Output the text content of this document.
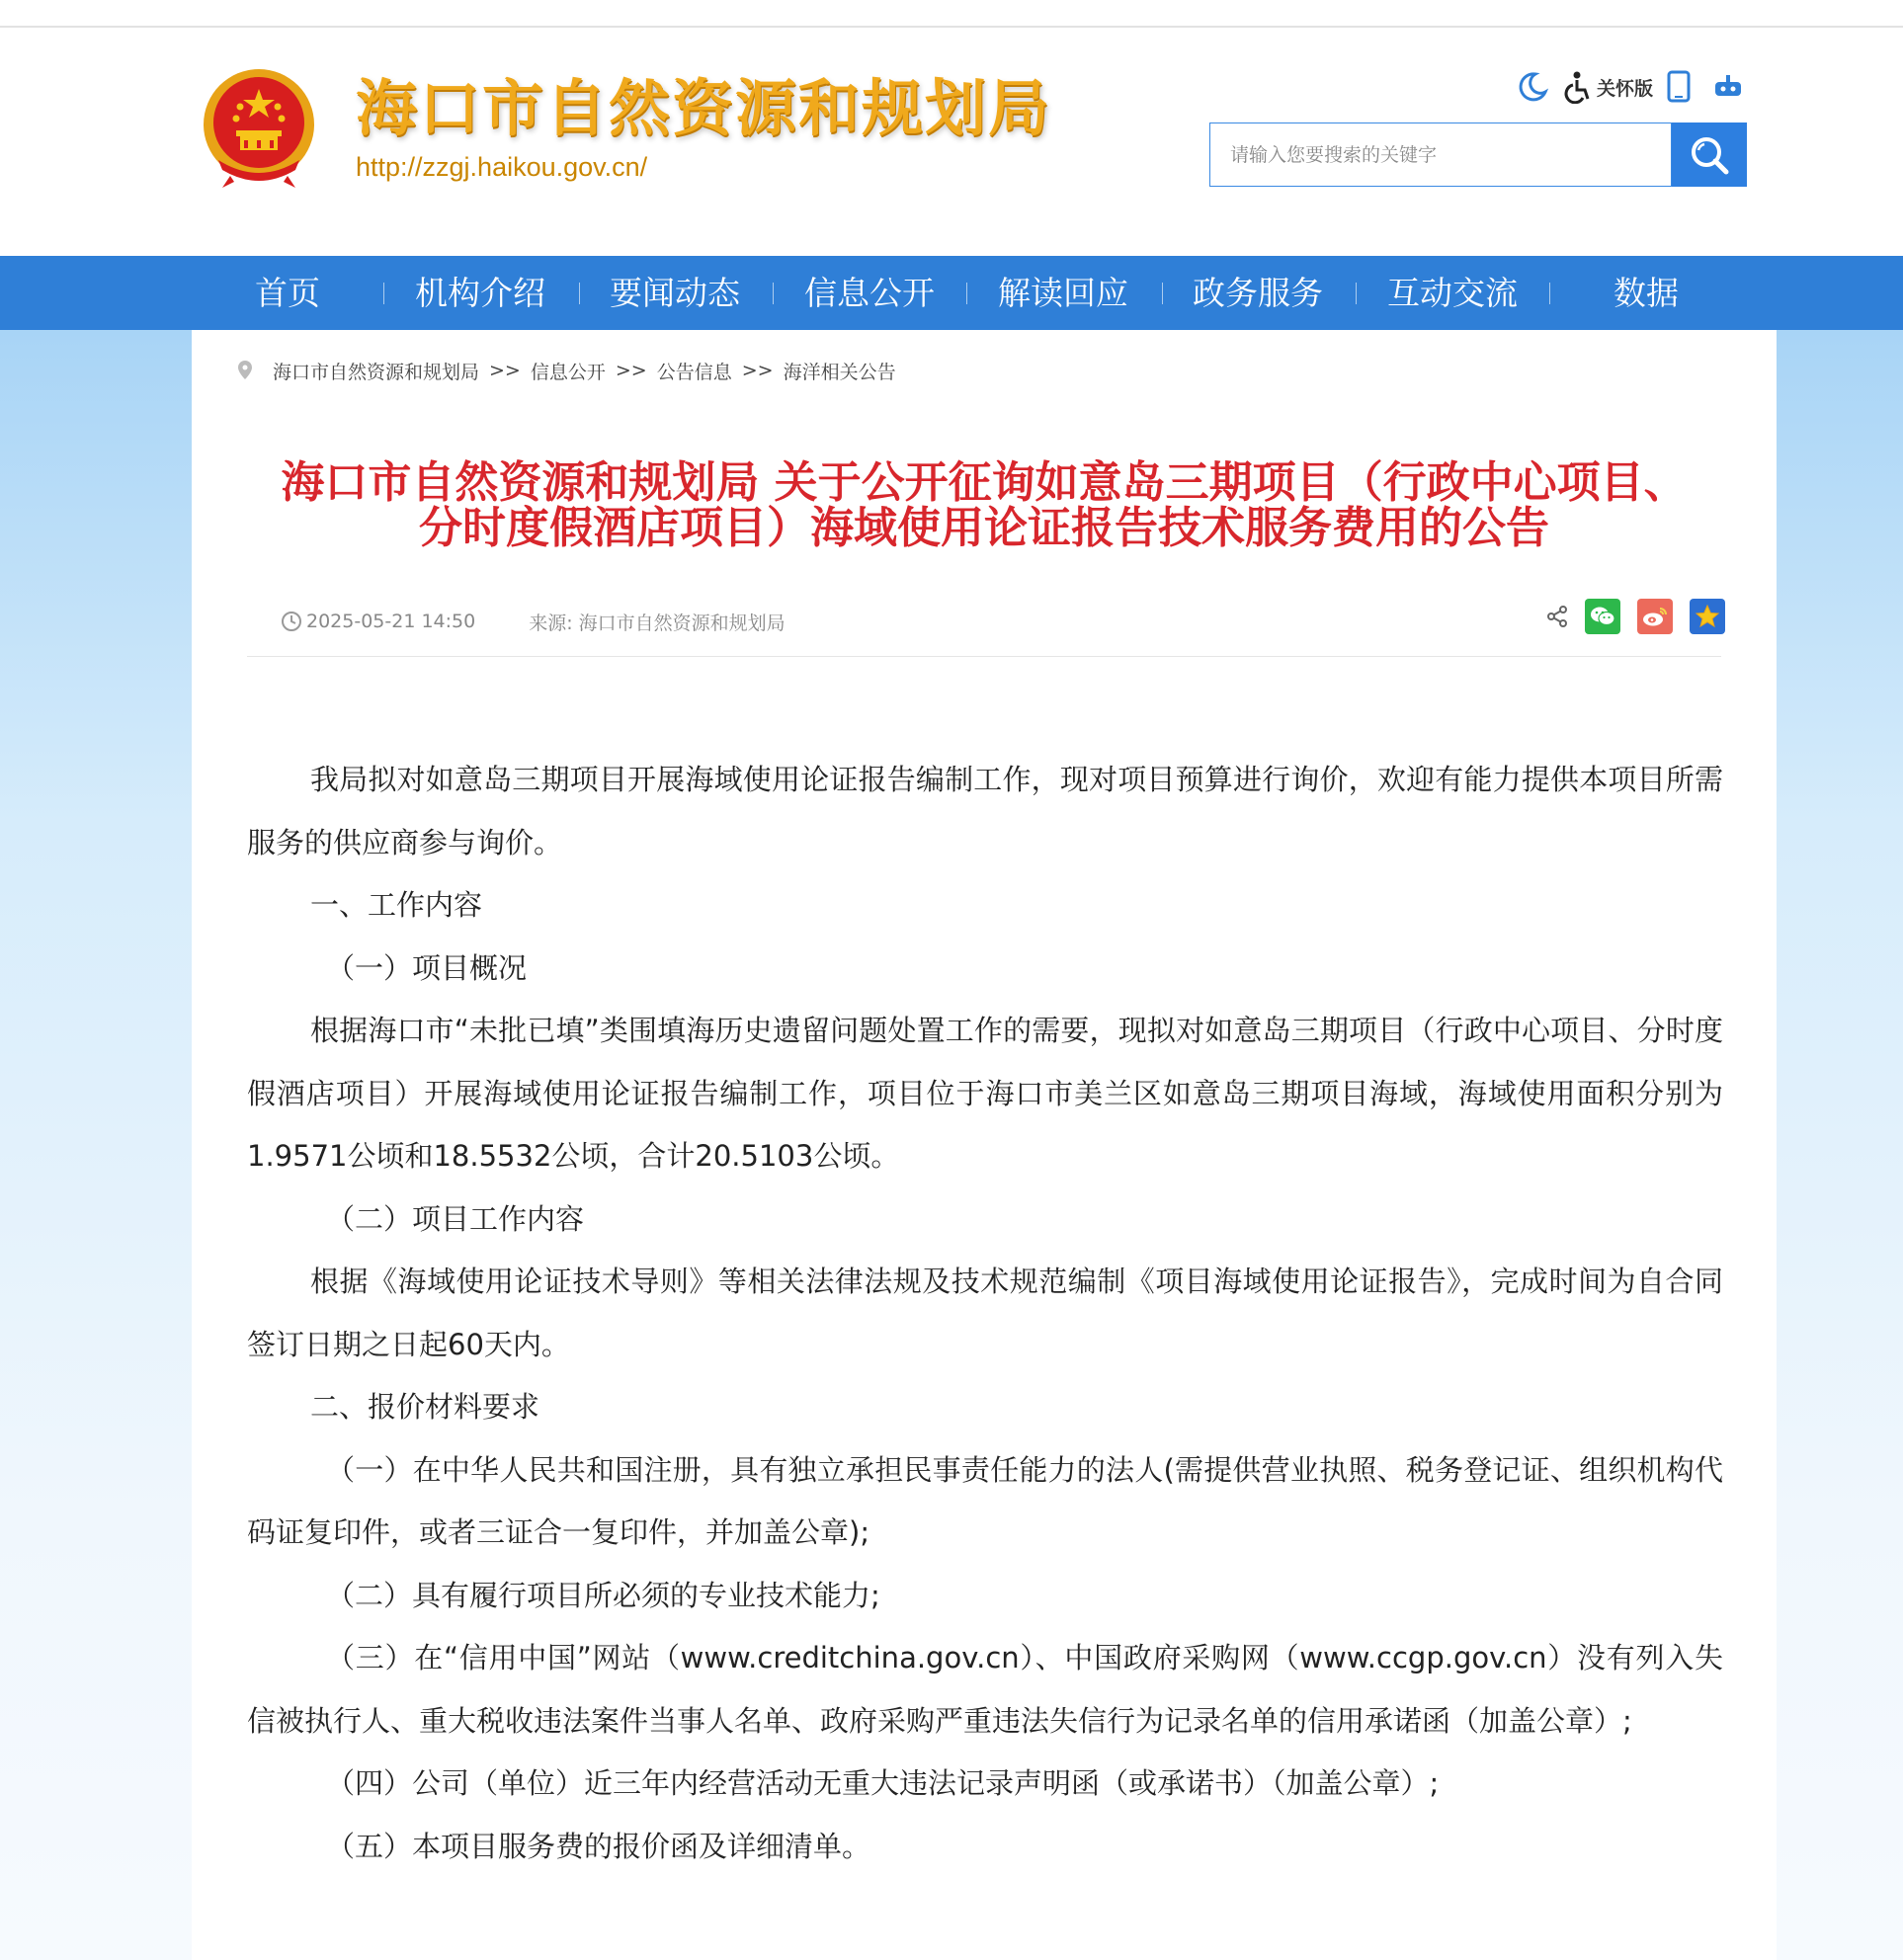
海口市自然资源和规划局
http://zzgj.haikou.gov.cn/
关怀版
请输入您要搜索的关键字
首页	机构介绍 要闻动态 信息公开 解读回应 政务服务 互动交流	数据
海口市自然资源和规划局 >> 信息公开 >> 公告信息 >> 海洋相关公告
海口市自然资源和规划局 关于公开征询如意岛三期项目（行政中心项目、
分时度假酒店项目）海域使用论证报告技术服务费用的公告
2025-05-21 14:50	来源: 海口市自然资源和规划局

我局拟对如意岛三期项目开展海域使用论证报告编制工作，现对项目预算进行询价，欢迎有能力提供本项目所需服务的供应商参与询价。

一、工作内容

（一）项目概况

根据海口市“未批已填”类围填海历史遗留问题处置工作的需要，现拟对如意岛三期项目（行政中心项目、分时度假酒店项目）开展海域使用论证报告编制工作，项目位于海口市美兰区如意岛三期项目海域，海域使用面积分别为1.9571公顷和18.5532公顷，合计20.5103公顷。

（二）项目工作内容

根据《海域使用论证技术导则》等相关法律法规及技术规范编制《项目海域使用论证报告》，完成时间为自合同签订日期之日起60天内。

二、报价材料要求

（一）在中华人民共和国注册，具有独立承担民事责任能力的法人(需提供营业执照、税务登记证、组织机构代码证复印件，或者三证合一复印件，并加盖公章);

（二）具有履行项目所必须的专业技术能力;

（三）在“信用中国”网站（www.creditchina.gov.cn）、中国政府采购网（www.ccgp.gov.cn）没有列入失信被执行人、重大税收违法案件当事人名单、政府采购严重违法失信行为记录名单的信用承诺函（加盖公章）;

（四）公司（单位）近三年内经营活动无重大违法记录声明函（或承诺书）（加盖公章）;

（五）本项目服务费的报价函及详细清单。
